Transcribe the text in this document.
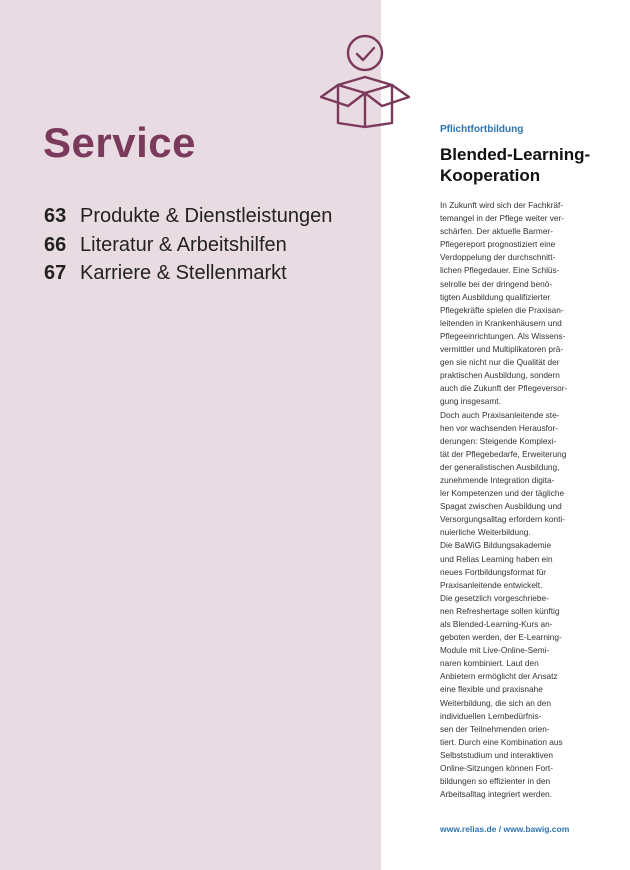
Service
63 Produkte & Dienstleistungen
66 Literatur & Arbeitshilfen
67 Karriere & Stellenmarkt

Pflichtfortbildung

Blended-Learning-
Kooperation

In Zukunft wird sich der Fachkräf-
temangel in der Pflege weiter ver-
schärfen. Der aktuelle Barmer-
Pflegereport prognostiziert eine
Verdoppelung der durchschnitt-
lichen Pflegedauer. Eine Schlüs-
selrolle bei der dringend benö-
tigten Ausbildung qualifizierter
Pflegekräfte spielen die Praxisan-
leitenden in Krankenhäusern und
Pflegeeinrichtungen. Als Wissens-
vermittler und Multiplikatoren prä-
gen sie nicht nur die Qualität der
praktischen Ausbildung, sondern
auch die Zukunft der Pflegeversor-
gung insgesamt.
Doch auch Praxisanleitende ste-
hen vor wachsenden Herausfor-
derungen: Steigende Komplexi-
tät der Pflegebedarfe, Erweiterung
der generalistischen Ausbildung,
zunehmende Integration digita-
ler Kompetenzen und der tägliche
Spagat zwischen Ausbildung und
Versorgungsalltag erfordern konti-
nuierliche Weiterbildung.
Die BaWiG Bildungsakademie
und Relias Learning haben ein
neues Fortbildungsformat für
Praxisanleitende entwickelt.
Die gesetzlich vorgeschriebe-
nen Refreshertage sollen künftig
als Blended-Learning-Kurs an-
geboten werden, der E-Learning-
Module mit Live-Online-Semi-
naren kombiniert. Laut den
Anbietern ermöglicht der Ansatz
eine flexible und praxisnahe
Weiterbildung, die sich an den
individuellen Lernbedürfnis-
sen der Teilnehmenden orien-
tiert. Durch eine Kombination aus
Selbststudium und interaktiven
Online-Sitzungen können Fort-
bildungen so effizienter in den
Arbeitsalltag integriert werden.

www.relias.de / www.bawig.com
